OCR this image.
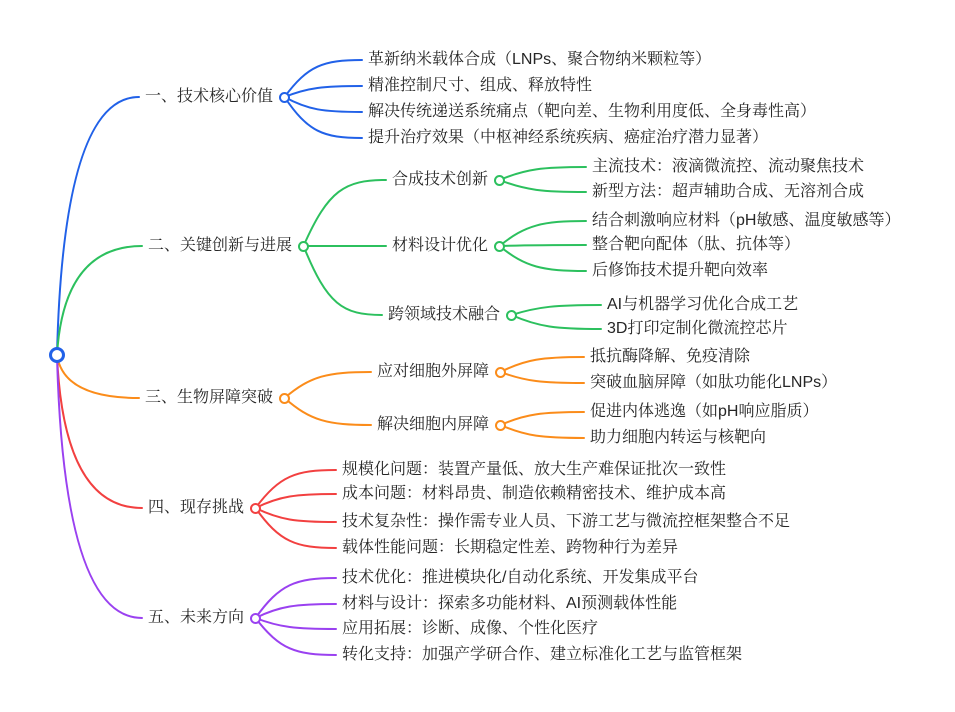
一、技术核心价值
革新纳米载体合成（LNPs、聚合物纳米颗粒等）
精准控制尺寸、组成、释放特性
解决传统递送系统痛点（靶向差、生物利用度低、全身毒性高）
提升治疗效果（中枢神经系统疾病、癌症治疗潜力显著）
二、关键创新与进展
合成技术创新
主流技术：液滴微流控、流动聚焦技术
新型方法：超声辅助合成、无溶剂合成
材料设计优化
结合刺激响应材料（pH敏感、温度敏感等）
整合靶向配体（肽、抗体等）
后修饰技术提升靶向效率
跨领域技术融合
AI与机器学习优化合成工艺
3D打印定制化微流控芯片
三、生物屏障突破
应对细胞外屏障
抵抗酶降解、免疫清除
突破血脑屏障（如肽功能化LNPs）
解决细胞内屏障
促进内体逃逸（如pH响应脂质）
助力细胞内转运与核靶向
四、现存挑战
规模化问题：装置产量低、放大生产难保证批次一致性
成本问题：材料昂贵、制造依赖精密技术、维护成本高
技术复杂性：操作需专业人员、下游工艺与微流控框架整合不足
载体性能问题：长期稳定性差、跨物种行为差异
五、未来方向
技术优化：推进模块化/自动化系统、开发集成平台
材料与设计：探索多功能材料、AI预测载体性能
应用拓展：诊断、成像、个性化医疗
转化支持：加强产学研合作、建立标准化工艺与监管框架
